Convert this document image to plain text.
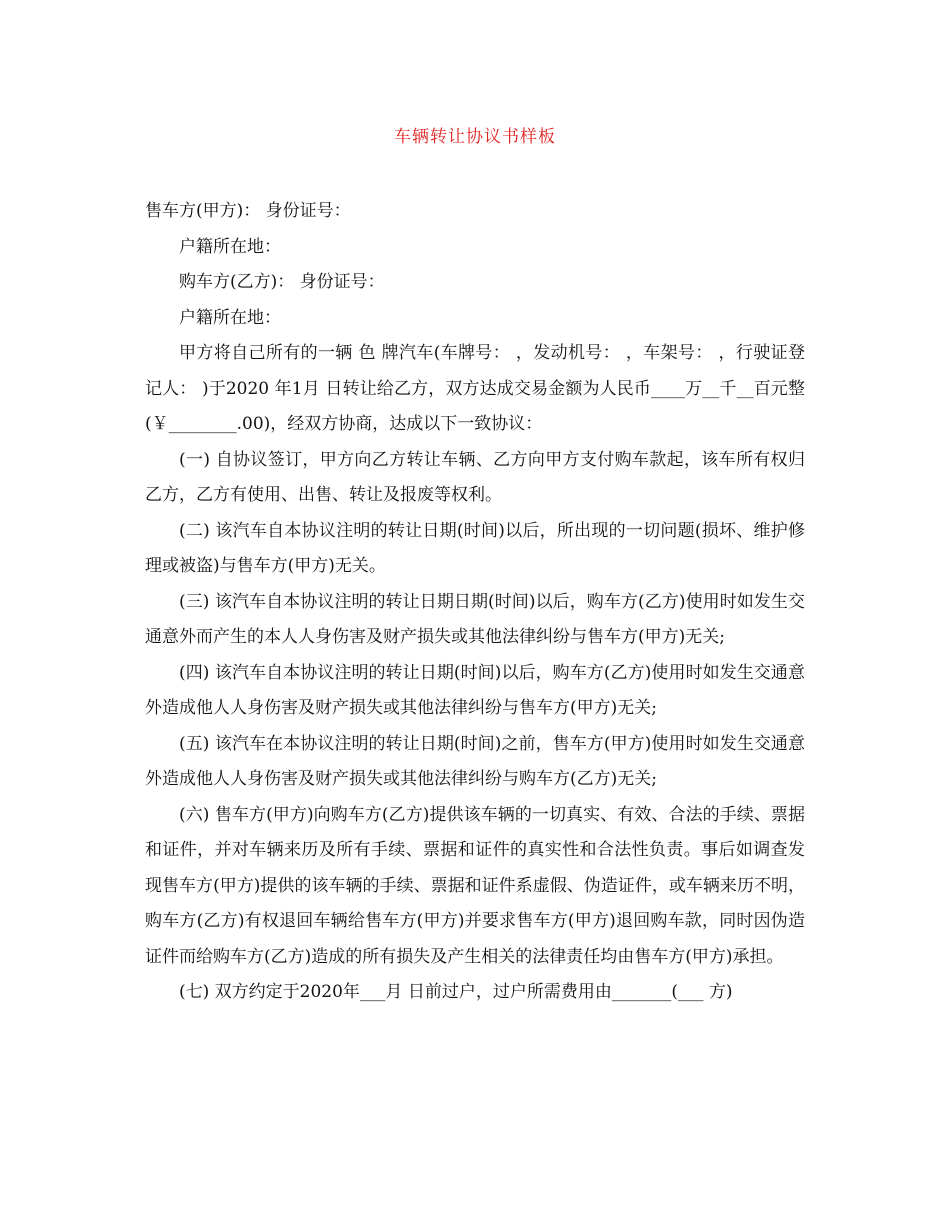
车辆转让协议书样板

售车方(甲方)： 身份证号：

户籍所在地：

购车方(乙方)： 身份证号：

户籍所在地：

甲方将自己所有的一辆 色 牌汽车(车牌号： ，发动机号： ，车架号： ，行驶证登记人： )于2020 年1月 日转让给乙方，双方达成交易金额为人民币____万__千__百元整(￥________.00)，经双方协商，达成以下一致协议：

(一) 自协议签订，甲方向乙方转让车辆、乙方向甲方支付购车款起，该车所有权归乙方，乙方有使用、出售、转让及报废等权利。

(二) 该汽车自本协议注明的转让日期(时间)以后，所出现的一切问题(损坏、维护修理或被盗)与售车方(甲方)无关。

(三) 该汽车自本协议注明的转让日期日期(时间)以后，购车方(乙方)使用时如发生交通意外而产生的本人人身伤害及财产损失或其他法律纠纷与售车方(甲方)无关;

(四) 该汽车自本协议注明的转让日期(时间)以后，购车方(乙方)使用时如发生交通意外造成他人人身伤害及财产损失或其他法律纠纷与售车方(甲方)无关;

(五) 该汽车在本协议注明的转让日期(时间)之前，售车方(甲方)使用时如发生交通意外造成他人人身伤害及财产损失或其他法律纠纷与购车方(乙方)无关;

(六) 售车方(甲方)向购车方(乙方)提供该车辆的一切真实、有效、合法的手续、票据和证件，并对车辆来历及所有手续、票据和证件的真实性和合法性负责。事后如调查发现售车方(甲方)提供的该车辆的手续、票据和证件系虚假、伪造证件，或车辆来历不明，购车方(乙方)有权退回车辆给售车方(甲方)并要求售车方(甲方)退回购车款，同时因伪造证件而给购车方(乙方)造成的所有损失及产生相关的法律责任均由售车方(甲方)承担。

(七) 双方约定于2020年___月 日前过户，过户所需费用由_______(___ 方)
